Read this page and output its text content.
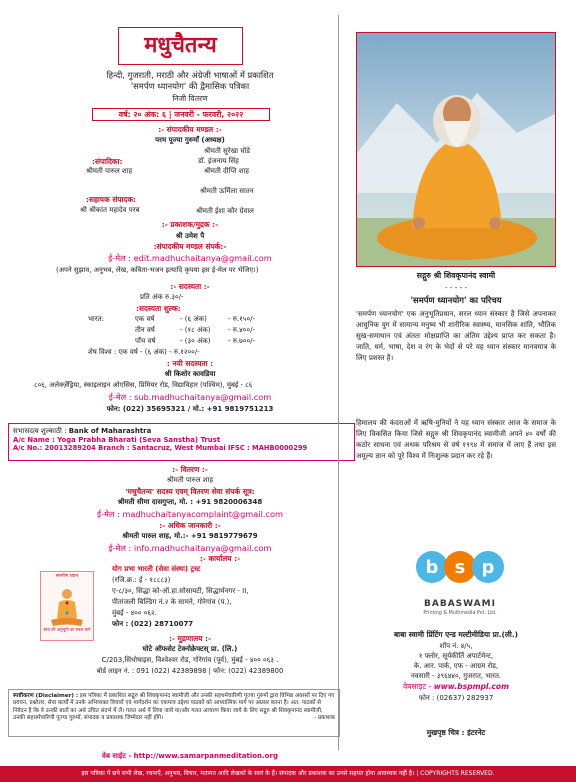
मधुचैतन्य
हिन्दी, गुजराती, मराठी और अंग्रेजी भाषाओं में प्रकाशित
'समर्पण ध्यानयोग' की द्वैमासिक पत्रिका
निजी वितरण
वर्ष: २० अंक: ६ | जनवरी - फरवरी, २०२२
:- संपादकीय मण्डल :-
परम पूज्या गुरुमाँ (अध्यक्ष)
श्रीमती सुरेखा घोंडे
डॉ. इंजनाय सिंह
श्रीमती दीप्ति शाह
श्रीमती ऊर्मिला सातन
श्रीमती ईशा कौर ग्रेवाल
:संपादिका:
श्रीमती पारुल शाह
:सहायक संपादक:
श्री श्रीकांत महादेव परब
:- प्रकाशक/मुद्रक :-
श्री उमेश पै
:संपादकीय मण्डल संपर्क:-
ई-मेल : edit.madhuchaitanya@gmail.com
(अपने सुझाव, अनुभव, लेख, कविता-भजन इत्यादि कृपया इस ई-मेल पर भेजिए।)
:- सदस्यता :-
प्रति अंक रु.३०/-
:सदस्यता शुल्क:
भारत:	एक वर्ष	- (६ अंक)	- रु.१५०/-
तीन वर्ष	- (१८ अंक)	- रु.४००/-
पाँच वर्ष	- (३० अंक)	- रु.७००/-
शेष विश्व : एक वर्ष - (६ अंक) - रु.१२००/-
: नयी सदस्यता :
श्री किशोर कावडिया
८०६, अलेक्ज़ेंड्रिया, स्काइलाइन ओएसिस, प्रिमियर रोड, विद्याविहार (पश्चिम), मुंबई - ८६
ई-मेल : sub.madhuchaitanya@gmail.com
फोन: (022) 35695321 / मो.: +91 9819751213
सभासदत्व शुल्काठी : Bank of Maharashtra
A/c Name : Yoga Prabha Bharati (Seva Sanstha) Trust
A/c No.: 20013289204 Branch : Santacruz, West Mumbai IFSC : MAHB0000299
:- वितरण :-
श्रीमती पारुल शाह
'मधुचैतन्य' सदस्य एवम् वितरण सेवा संपर्क सूत्र:
श्रीमती सीमा दासगुप्ता, मो. : +91 9820006348
ई-मेल : madhuchaitanyacomplaint@gmail.com
:- अधिक जानकारी :-
श्रीमती पारुल शाह, मो.:- +91 9819779679
ई-मेल : info.madhuchaitanya@gmail.com
समर्पण ध्यान
स्वयं की अनुभूति का सरल मार्ग
:- कार्यालय :-
योग प्रभा भारती (सेवा संस्था) ट्रस्ट
(रजि.क्र.: ई - १८८८३)
ए-८/३०, सिद्धा को-ऑ.हा.सोसायटी, सिद्धार्थनगर - II,
पीतांजली बिल्डिंग नं.२ के सामने, गोरेगांव (प.),
मुंबई - ४०० ०६२.
फोन : (022) 28710077
:- मुद्रणालय :-
घोटे ऑफसेट टेक्नोक्रेफ्टस् प्रा. (लि.)
C/203,सिंधोषाइस, विश्वेश्वर रोड, गोरेगांव (पूर्व), मुंबई - ४०० ०६३ .
बोर्ड लाइन नं. : 091 (022) 42389898 | फोन: (022) 42389800
स्पष्टीकरण (Disclaimer) : इस पत्रिका में प्रकाशित सद्गुरु श्री शिवकृपानंद स्वामीजी और उनकी सहधर्मचारिणी पूज्या गुरुमाँ द्वारा विभिन्न अवसरों पर दिए गए प्रवचन, प्रश्नोत्तर, सेवा कार्यों में उनके अभिव्यक्त विचारों एवं मार्गदर्शन का एकमात्र उद्देश्य पाठकों को आध्यात्मिक मार्ग पर अग्रसर करना है। अत: पाठकों से निवेदन है कि वे उनकी बातों का अर्थ उचित संदर्भ में लें। गलत अर्थ में लिया जाये या/और गलत आचरण किया जाये के लिए सद्गुरु श्री शिवकृपानंद स्वामीजी, उनकी सहधर्मचारिणी पूज्या गुरुमाँ, संपादक व प्रकाशक जिम्मेदार नहीं होंगे।	- प्रकाशक
वेब साईट - http://www.samarpanmeditation.org
सद्गुरु श्री शिवकृपानंद स्वामी
- - - - -
'समर्पण ध्यानयोग' का परिचय
'समर्पण ध्यानयोग' एक अनुभूतिप्रधान, सरल ध्यान संस्कार है जिसे अपनाकर आधुनिक युग में सामान्य मनुष्य भी शारीरिक स्वास्थ्य, मानसिक शांति, भौतिक सुख-समाधान एवं अंततः मोक्षप्राप्ति का अंतिम उद्देश्य प्राप्त कर सकता है। जाति, धर्म, भाषा, देश व रंग के भेदों से परे यह ध्यान संस्कार मानवमात्र के लिए प्रशस्त है।
हिमालय की कंदराओं में ऋषि-मुनियों ने यह ध्यान संस्कार आज के समाज के लिए विकसित किया जिसे सद्गुरु श्री शिवकृपानंद स्वामीजी अपने ४० वर्षों की कठोर साधना एवं अथक परिश्रम से वर्ष १९९४ में समाज में लाए हैं तथा इस अमूल्य ज्ञान को पूरे विश्व में निःशुल्क प्रदान कर रहे हैं।
b s p
BABASWAMI
Printing & Multimedia Pvt. Ltd.
बाबा स्वामी प्रिंटिंग एन्ड मल्टीमीडिया प्रा.(ली.)
शॉप नं. ४/५,
१ फ्लोर, सूर्यकीर्ति अपार्टमेन्ट,
के. आर. पार्क, एफ - आग्रम रोड,
नवसारी - ३९६४४०, गुजरात, भारत.
वेबसाइट - www.bspmpl.com
फोन : (02637) 282937
मुखपृष्ठ चित्र : इंटरनेट
इस पत्रिका में छपे सभी लेख, रचनाएँ, अनुभव, विचार, मतामत आदि लेखकों के स्वयं के हैं। संपादक और प्रकाशक का उनसे सहमत होना आवश्यक नहीं है। | COPYRIGHTS RESERVED.
